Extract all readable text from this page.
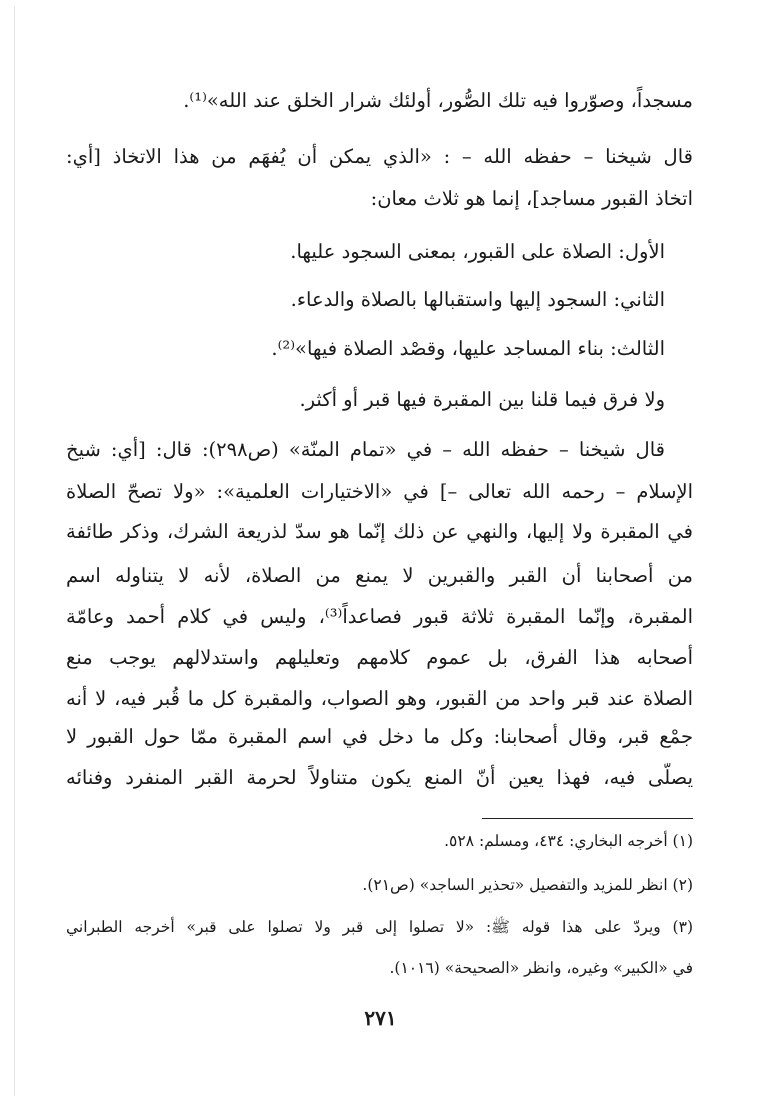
مسجداً، وصوّروا فيه تلك الصُّور، أولئك شرار الخلق عند الله»⁽¹⁾.
قال شيخنا – حفظه الله – : «الذي يمكن أن يُفهَم من هذا الاتخاذ [أي:
اتخاذ القبور مساجد]، إنما هو ثلاث معان:
الأول: الصلاة على القبور، بمعنى السجود عليها.
الثاني: السجود إليها واستقبالها بالصلاة والدعاء.
الثالث: بناء المساجد عليها، وقصْد الصلاة فيها»⁽²⁾.
ولا فرق فيما قلنا بين المقبرة فيها قبر أو أكثر.
قال شيخنا – حفظه الله – في «تمام المنّة» (ص٢٩٨): قال: [أي: شيخ
الإسلام – رحمه الله تعالى –] في «الاختيارات العلمية»: «ولا تصحّ الصلاة
في المقبرة ولا إليها، والنهي عن ذلك إنّما هو سدّ لذريعة الشرك، وذكر طائفة
من أصحابنا أن القبر والقبرين لا يمنع من الصلاة، لأنه لا يتناوله اسم
المقبرة، وإنّما المقبرة ثلاثة قبور فصاعداً⁽³⁾، وليس في كلام أحمد وعامّة
أصحابه هذا الفرق، بل عموم كلامهم وتعليلهم واستدلالهم يوجب منع
الصلاة عند قبر واحد من القبور، وهو الصواب، والمقبرة كل ما قُبر فيه، لا أنه
جمْع قبر، وقال أصحابنا: وكل ما دخل في اسم المقبرة ممّا حول القبور لا
يصلّى فيه، فهذا يعين أنّ المنع يكون متناولاً لحرمة القبر المنفرد وفنائه
(١) أخرجه البخاري: ٤٣٤، ومسلم: ٥٢٨.
(٢) انظر للمزيد والتفصيل «تحذير الساجد» (ص٢١).
(٣) ويردّ على هذا قوله ﷺ: «لا تصلوا إلى قبر ولا تصلوا على قبر» أخرجه الطبراني
في «الكبير» وغيره، وانظر «الصحيحة» (١٠١٦).
٢٧١
